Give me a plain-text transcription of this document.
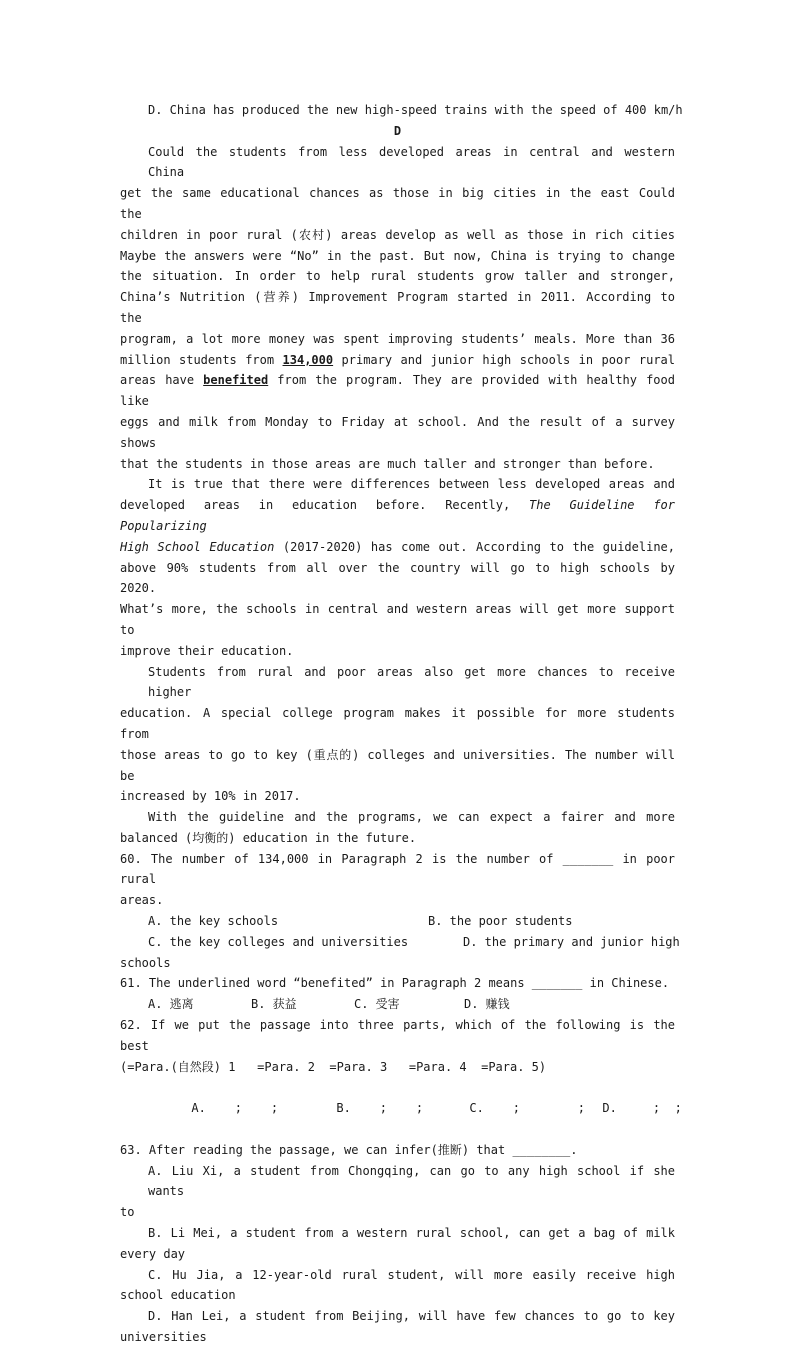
D. China has produced the new high-speed trains with the speed of 400 km/h
D
Could the students from less developed areas in central and western China
get the same educational chances as those in big cities in the east Could the
children in poor rural (农村) areas develop as well as those in rich cities
Maybe the answers were “No” in the past. But now, China is trying to change
the situation. In order to help rural students grow taller and stronger,
China’s Nutrition (营养) Improvement Program started in 2011. According to the
program, a lot more money was spent improving students’ meals. More than 36
million students from 134,000 primary and junior high schools in poor rural
areas have benefited from the program. They are provided with healthy food like
eggs and milk from Monday to Friday at school. And the result of a survey shows
that the students in those areas are much taller and stronger than before.
It is true that there were differences between less developed areas and
developed areas in education before. Recently, The Guideline for Popularizing
High School Education (2017-2020) has come out. According to the guideline,
above 90% students from all over the country will go to high schools by 2020.
What’s more, the schools in central and western areas will get more support to
improve their education.
Students from rural and poor areas also get more chances to receive higher
education. A special college program makes it possible for more students from
those areas to go to key (重点的) colleges and universities. The number will be
increased by 10% in 2017.
With the guideline and the programs, we can expect a fairer and more
balanced (均衡的) education in the future.
60. The number of 134,000 in Paragraph 2 is the number of _______ in poor rural
areas.
A. the key schools	B. the poor students
C. the key colleges and universities	D. the primary and junior high
schools
61. The underlined word “benefited” in Paragraph 2 means _______ in Chinese.
A. 逃离	B. 获益	C. 受害	D. 赚钱
62. If we put the passage into three parts, which of the following is the best
(=Para.(自然段) 1   =Para. 2  =Para. 3   =Para. 4  =Para. 5)

A.    ;    ;	B.    ;    ;	C.    ;        ; D.     ;  ;

63. After reading the passage, we can infer(推断) that ________.
A. Liu Xi, a student from Chongqing, can go to any high school if she wants
to
B. Li Mei, a student from a western rural school, can get a bag of milk
every day
C. Hu Jia, a 12-year-old rural student, will more easily receive high
school education
D. Han Lei, a student from Beijing, will have few chances to go to key
universities
